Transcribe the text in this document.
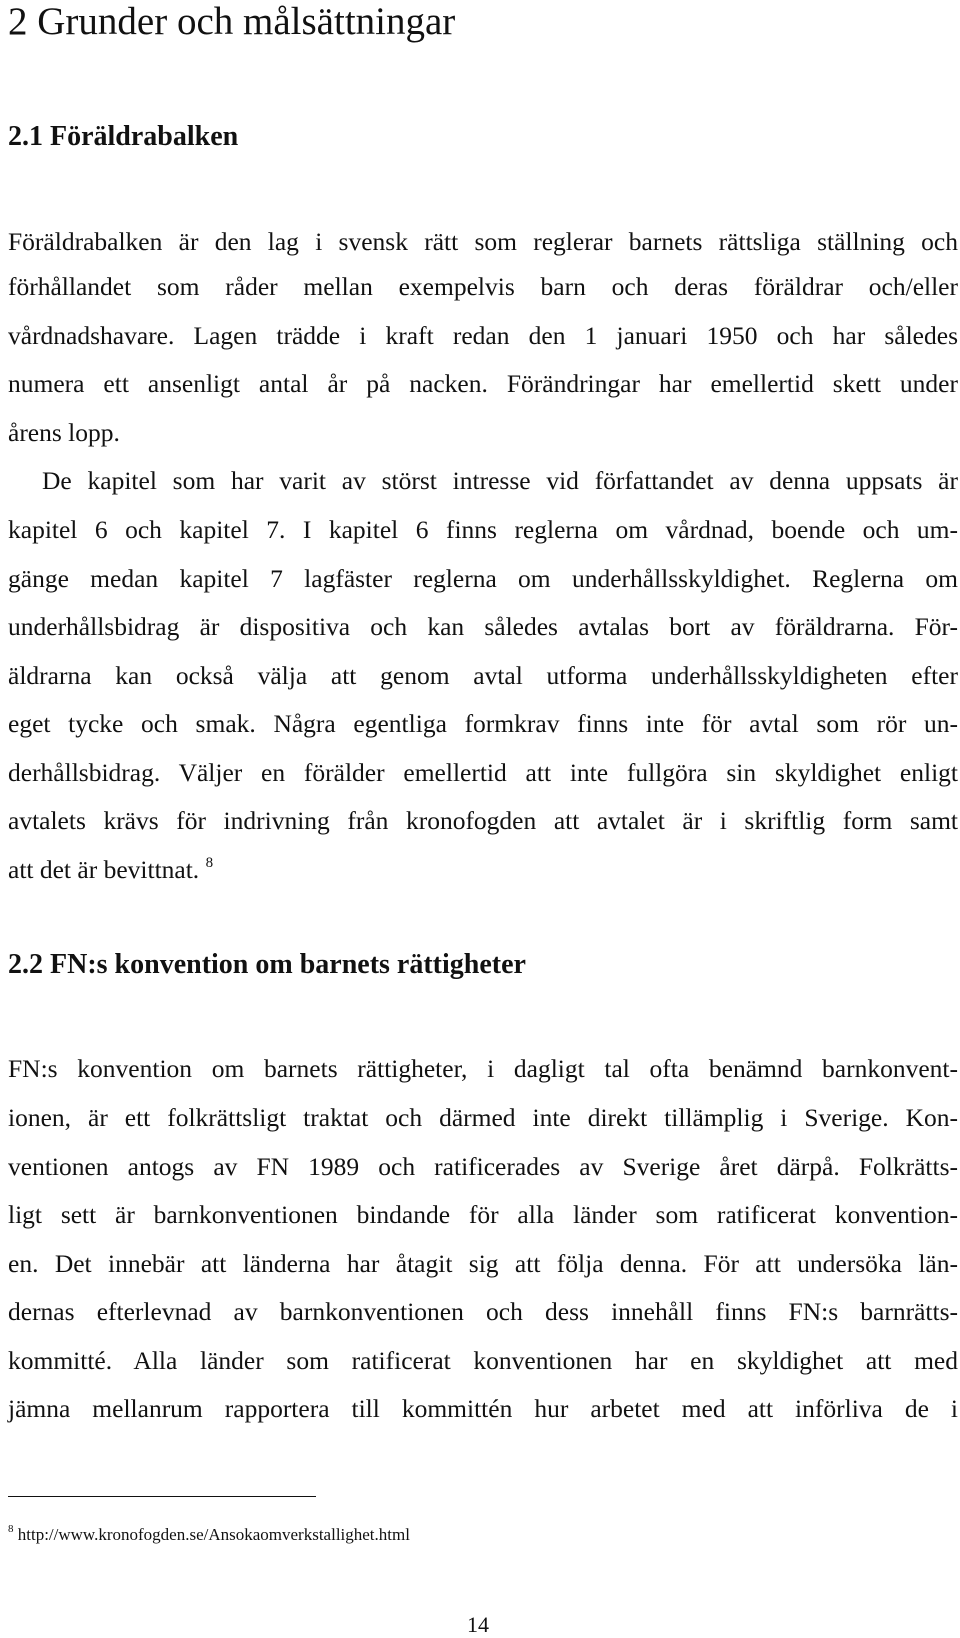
2 Grunder och målsättningar
2.1 Föräldrabalken
Föräldrabalken är den lag i svensk rätt som reglerar barnets rättsliga ställning och
förhållandet som råder mellan exempelvis barn och deras föräldrar och/eller
vårdnadshavare. Lagen trädde i kraft redan den 1 januari 1950 och har således
numera ett ansenligt antal år på nacken. Förändringar har emellertid skett under
årens lopp.
De kapitel som har varit av störst intresse vid författandet av denna uppsats är
kapitel 6 och kapitel 7. I kapitel 6 finns reglerna om vårdnad, boende och um-
gänge medan kapitel 7 lagfäster reglerna om underhållsskyldighet. Reglerna om
underhållsbidrag är dispositiva och kan således avtalas bort av föräldrarna. För-
äldrarna kan också välja att genom avtal utforma underhållsskyldigheten efter
eget tycke och smak. Några egentliga formkrav finns inte för avtal som rör un-
derhållsbidrag. Väljer en förälder emellertid att inte fullgöra sin skyldighet enligt
avtalets krävs för indrivning från kronofogden att avtalet är i skriftlig form samt
att det är bevittnat. $^8$
2.2 FN:s konvention om barnets rättigheter
FN:s konvention om barnets rättigheter, i dagligt tal ofta benämnd barnkonvent-
ionen, är ett folkrättsligt traktat och därmed inte direkt tillämplig i Sverige. Kon-
ventionen antogs av FN 1989 och ratificerades av Sverige året därpå. Folkrätts-
ligt sett är barnkonventionen bindande för alla länder som ratificerat konvention-
en. Det innebär att länderna har åtagit sig att följa denna. För att undersöka län-
dernas efterlevnad av barnkonventionen och dess innehåll finns FN:s barnrätts-
kommitté. Alla länder som ratificerat konventionen har en skyldighet att med
jämna mellanrum rapportera till kommittén hur arbetet med att införliva de i
$^8$ http://www.kronofogden.se/Ansokaomverkstallighet.html
14
